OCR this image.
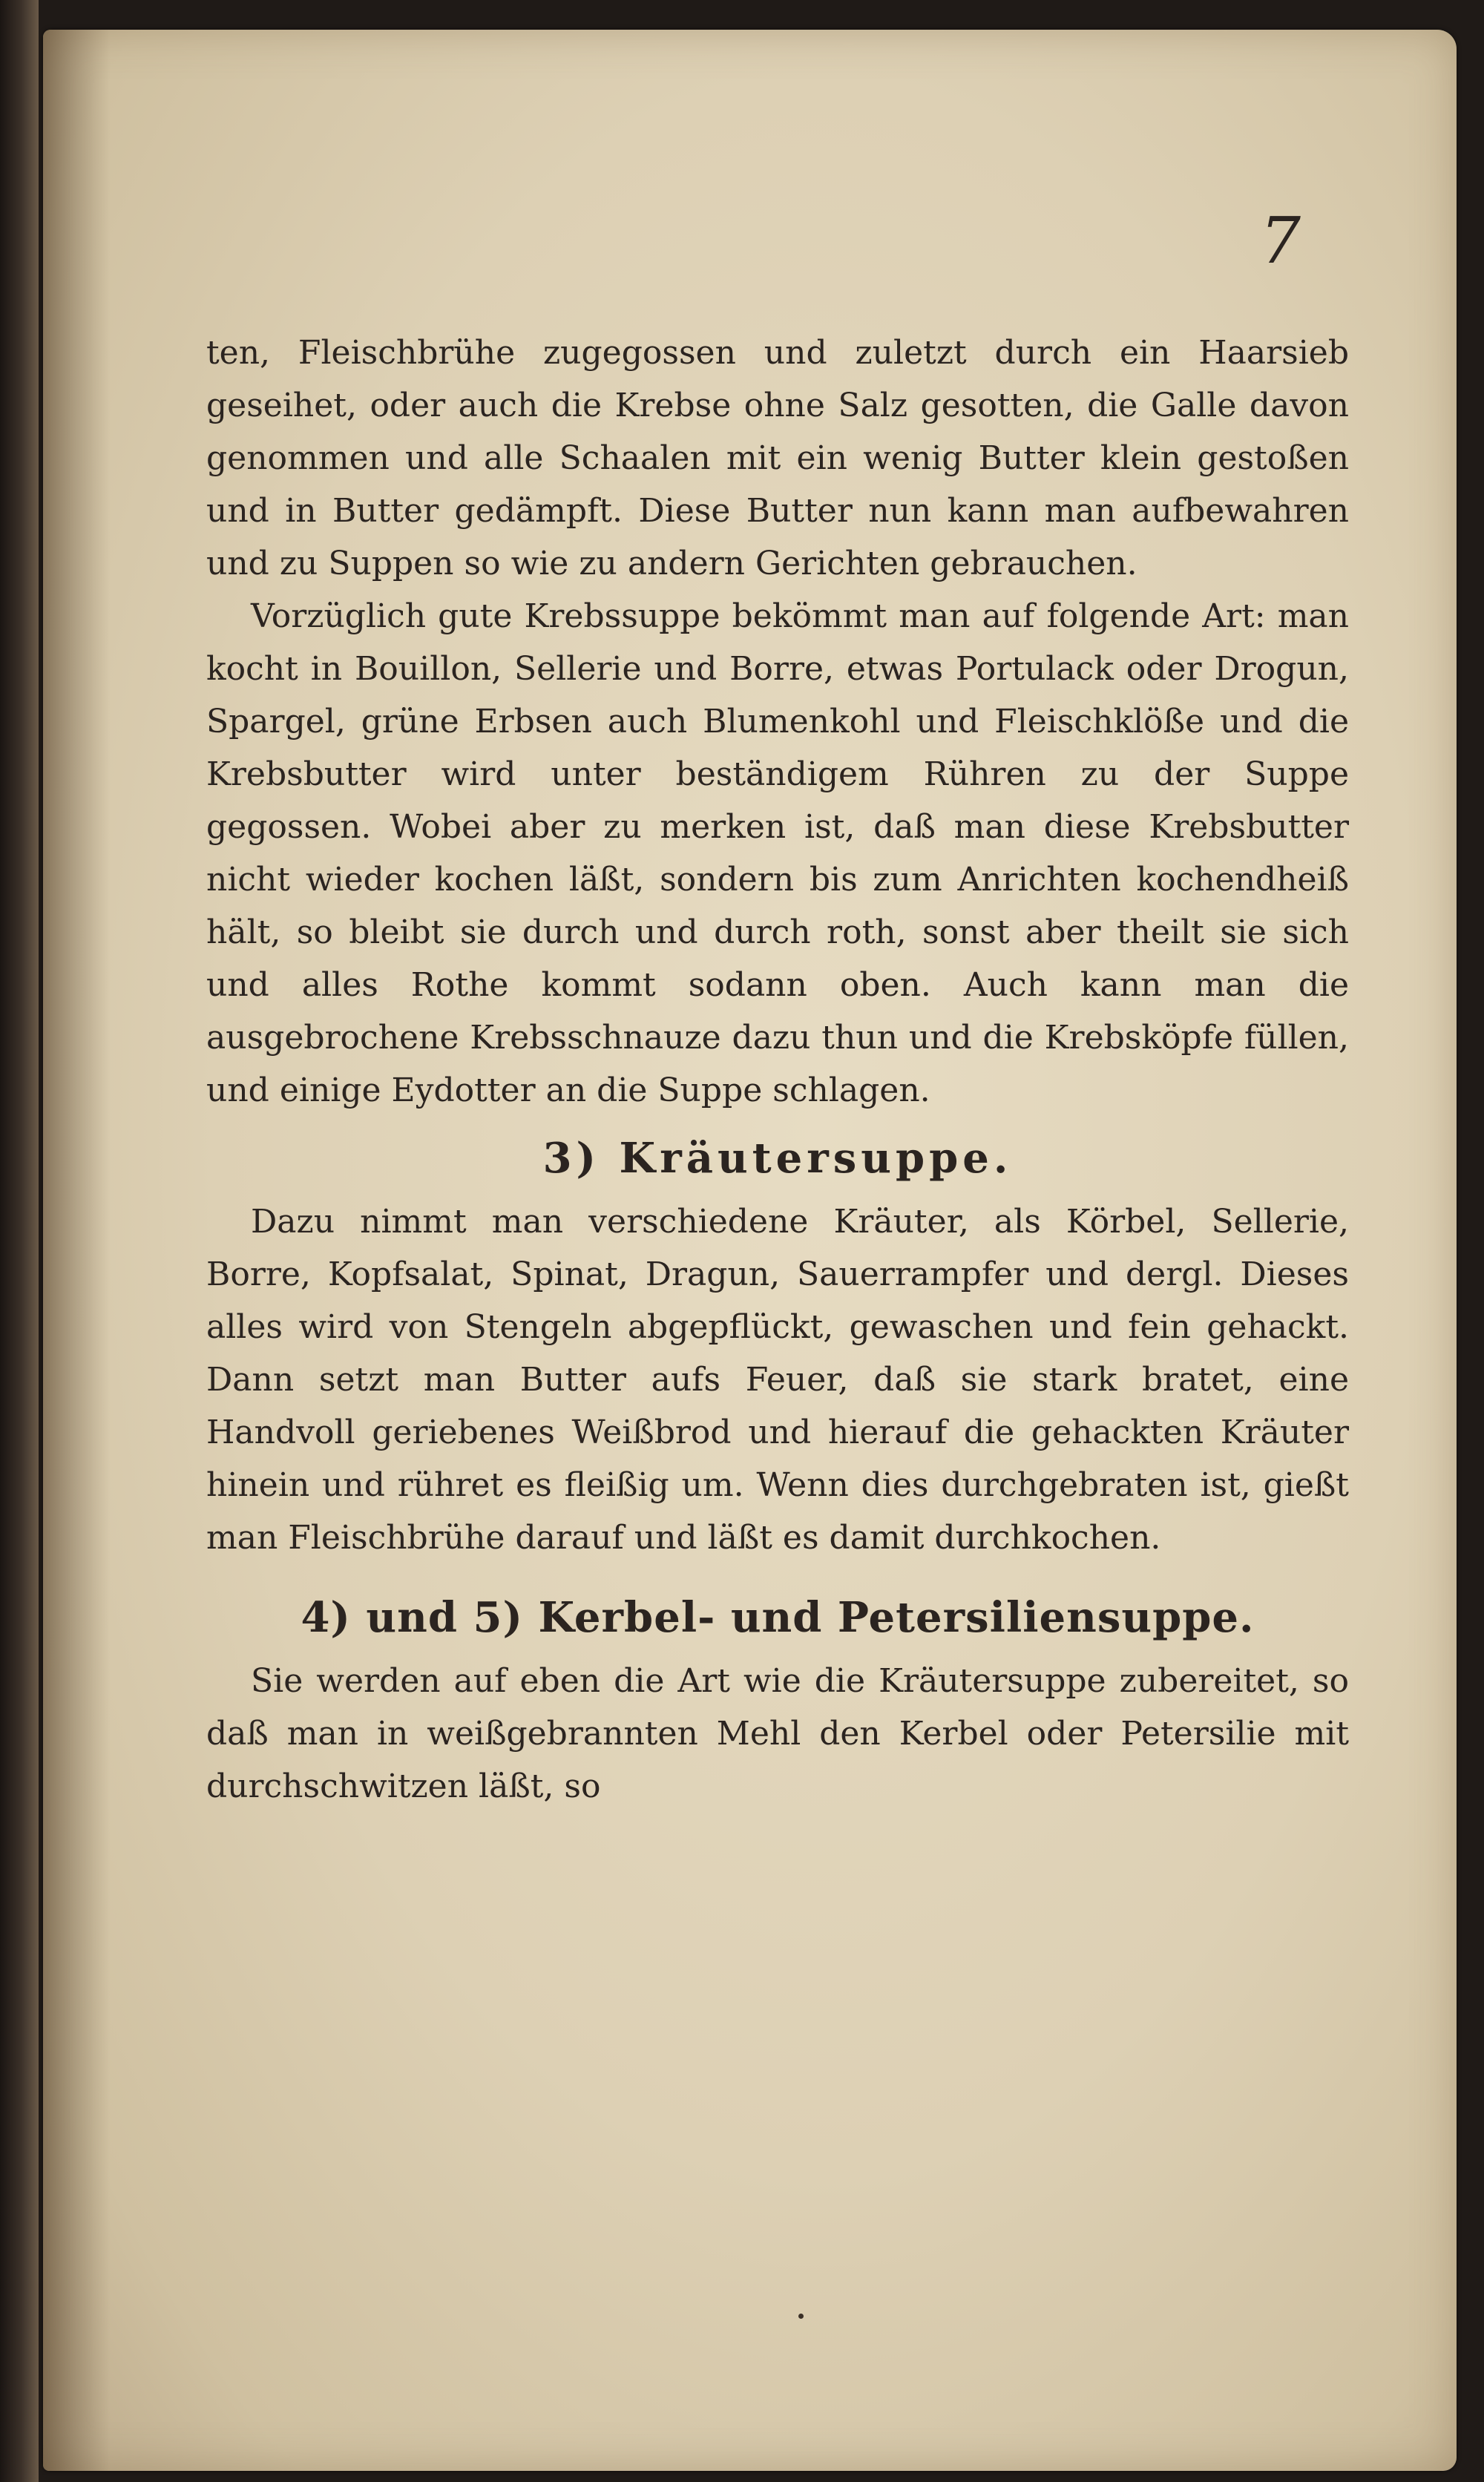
7

ten, Fleischbrühe zugegossen und zuletzt durch ein Haarsieb geseihet, oder auch die Krebse ohne Salz gesotten, die Galle davon genommen und alle Schaalen mit ein wenig Butter klein gestoßen und in Butter gedämpft. Diese Butter nun kann man aufbewahren und zu Suppen so wie zu andern Gerichten gebrauchen.

Vorzüglich gute Krebssuppe bekömmt man auf folgende Art: man kocht in Bouillon, Sellerie und Borre, etwas Portulack oder Drogun, Spargel, grüne Erbsen auch Blumenkohl und Fleischklöße und die Krebsbutter wird unter beständigem Rühren zu der Suppe gegossen. Wobei aber zu merken ist, daß man diese Krebsbutter nicht wieder kochen läßt, sondern bis zum Anrichten kochendheiß hält, so bleibt sie durch und durch roth, sonst aber theilt sie sich und alles Rothe kommt sodann oben. Auch kann man die ausgebrochene Krebsschnauze dazu thun und die Krebsköpfe füllen, und einige Eydotter an die Suppe schlagen.

3) Kräutersuppe.

Dazu nimmt man verschiedene Kräuter, als Körbel, Sellerie, Borre, Kopfsalat, Spinat, Dragun, Sauerrampfer und dergl. Dieses alles wird von Stengeln abgepflückt, gewaschen und fein gehackt. Dann setzt man Butter aufs Feuer, daß sie stark bratet, eine Handvoll geriebenes Weißbrod und hierauf die gehackten Kräuter hinein und rühret es fleißig um. Wenn dies durchgebraten ist, gießt man Fleischbrühe darauf und läßt es damit durchkochen.

4) und 5) Kerbel- und Petersiliensuppe.

Sie werden auf eben die Art wie die Kräutersuppe zubereitet, so daß man in weißgebrannten Mehl den Kerbel oder Petersilie mit durchschwitzen läßt, so
